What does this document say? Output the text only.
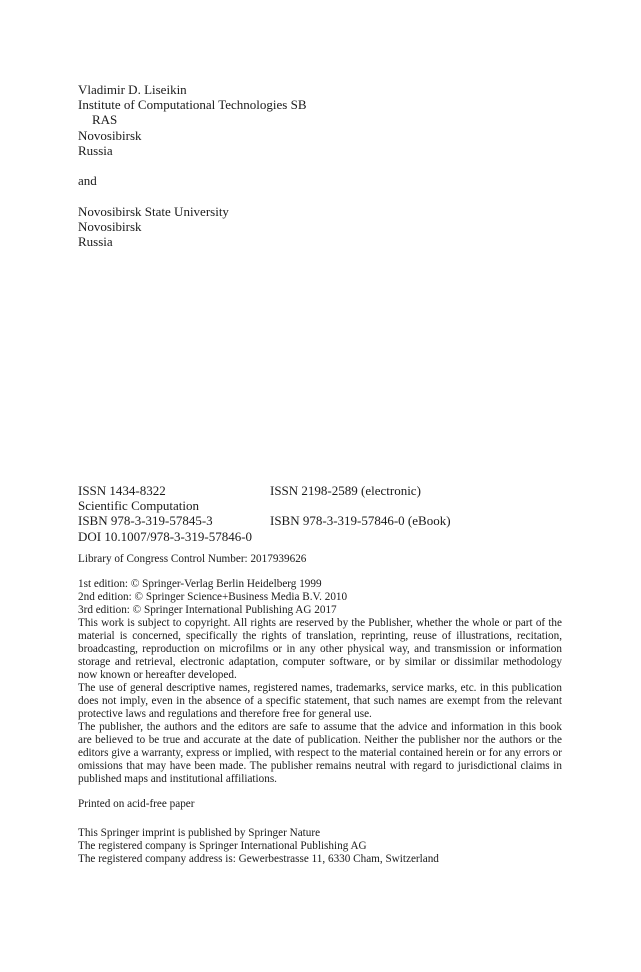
Vladimir D. Liseikin
Institute of Computational Technologies SB
RAS
Novosibirsk
Russia
and
Novosibirsk State University
Novosibirsk
Russia
ISSN 1434-8322	ISSN 2198-2589 (electronic)
Scientific Computation
ISBN 978-3-319-57845-3	ISBN 978-3-319-57846-0 (eBook)
DOI 10.1007/978-3-319-57846-0
Library of Congress Control Number: 2017939626
1st edition: © Springer-Verlag Berlin Heidelberg 1999
2nd edition: © Springer Science+Business Media B.V. 2010
3rd edition: © Springer International Publishing AG 2017
This work is subject to copyright. All rights are reserved by the Publisher, whether the whole or part of the material is concerned, specifically the rights of translation, reprinting, reuse of illustrations, recitation, broadcasting, reproduction on microfilms or in any other physical way, and transmission or information storage and retrieval, electronic adaptation, computer software, or by similar or dissimilar methodology now known or hereafter developed.
The use of general descriptive names, registered names, trademarks, service marks, etc. in this publication does not imply, even in the absence of a specific statement, that such names are exempt from the relevant protective laws and regulations and therefore free for general use.
The publisher, the authors and the editors are safe to assume that the advice and information in this book are believed to be true and accurate at the date of publication. Neither the publisher nor the authors or the editors give a warranty, express or implied, with respect to the material contained herein or for any errors or omissions that may have been made. The publisher remains neutral with regard to jurisdictional claims in published maps and institutional affiliations.
Printed on acid-free paper
This Springer imprint is published by Springer Nature
The registered company is Springer International Publishing AG
The registered company address is: Gewerbestrasse 11, 6330 Cham, Switzerland
